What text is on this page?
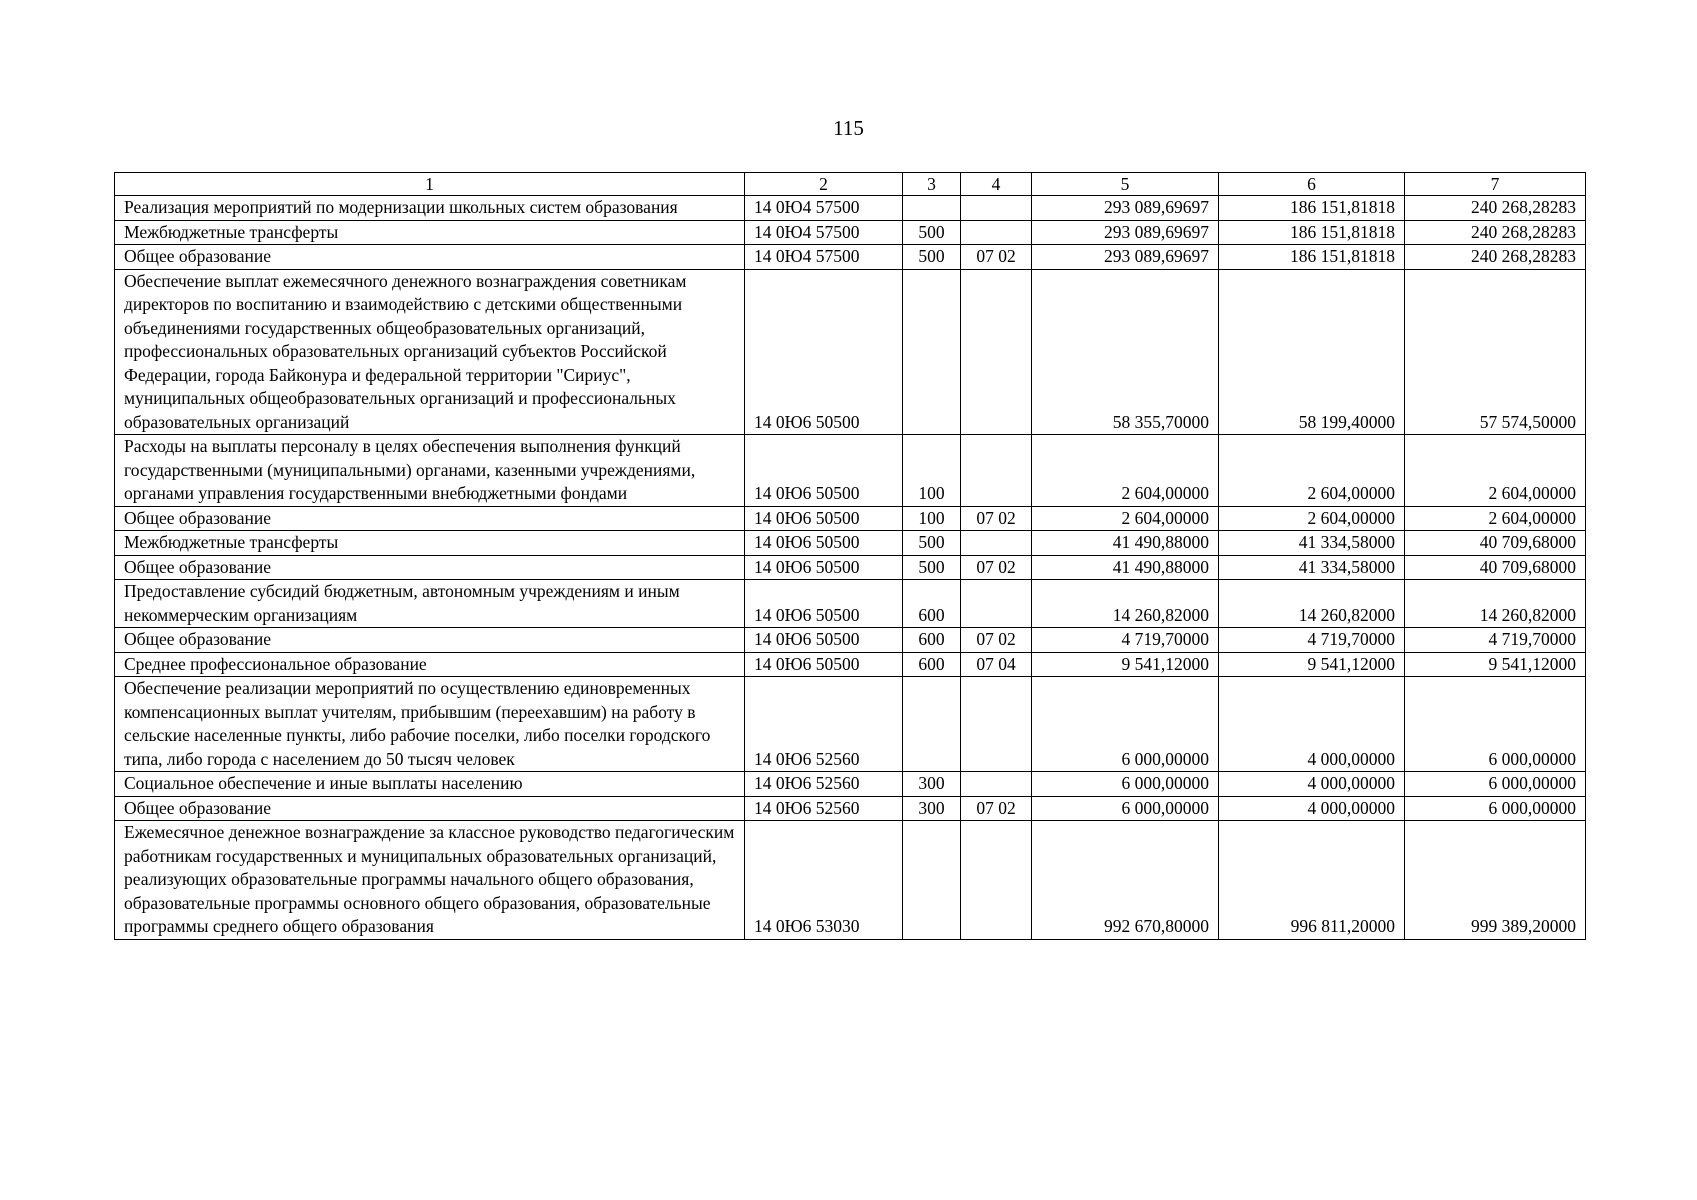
115
1	2	3	4	5	6	7
Реализация мероприятий по модернизации школьных систем образования	14 0Ю4 57500			293 089,69697	186 151,81818	240 268,28283
Межбюджетные трансферты	14 0Ю4 57500	500		293 089,69697	186 151,81818	240 268,28283
Общее образование	14 0Ю4 57500	500	07 02	293 089,69697	186 151,81818	240 268,28283
Обеспечение выплат ежемесячного денежного вознаграждения советникам директоров по воспитанию и взаимодействию с детскими общественными объединениями государственных общеобразовательных организаций, профессиональных образовательных организаций субъектов Российской Федерации, города Байконура и федеральной территории "Сириус", муниципальных общеобразовательных организаций и профессиональных образовательных организаций	14 0Ю6 50500			58 355,70000	58 199,40000	57 574,50000
Расходы на выплаты персоналу в целях обеспечения выполнения функций государственными (муниципальными) органами, казенными учреждениями, органами управления государственными внебюджетными фондами	14 0Ю6 50500	100		2 604,00000	2 604,00000	2 604,00000
Общее образование	14 0Ю6 50500	100	07 02	2 604,00000	2 604,00000	2 604,00000
Межбюджетные трансферты	14 0Ю6 50500	500		41 490,88000	41 334,58000	40 709,68000
Общее образование	14 0Ю6 50500	500	07 02	41 490,88000	41 334,58000	40 709,68000
Предоставление субсидий бюджетным, автономным учреждениям и иным некоммерческим организациям	14 0Ю6 50500	600		14 260,82000	14 260,82000	14 260,82000
Общее образование	14 0Ю6 50500	600	07 02	4 719,70000	4 719,70000	4 719,70000
Среднее профессиональное образование	14 0Ю6 50500	600	07 04	9 541,12000	9 541,12000	9 541,12000
Обеспечение реализации мероприятий по осуществлению единовременных компенсационных выплат учителям, прибывшим (переехавшим) на работу в сельские населенные пункты, либо рабочие поселки, либо поселки городского типа, либо города с населением до 50 тысяч человек	14 0Ю6 52560			6 000,00000	4 000,00000	6 000,00000
Социальное обеспечение и иные выплаты населению	14 0Ю6 52560	300		6 000,00000	4 000,00000	6 000,00000
Общее образование	14 0Ю6 52560	300	07 02	6 000,00000	4 000,00000	6 000,00000
Ежемесячное денежное вознаграждение за классное руководство педагогическим работникам государственных и муниципальных образовательных организаций, реализующих образовательные программы начального общего образования, образовательные программы основного общего образования, образовательные программы среднего общего образования	14 0Ю6 53030			992 670,80000	996 811,20000	999 389,20000
